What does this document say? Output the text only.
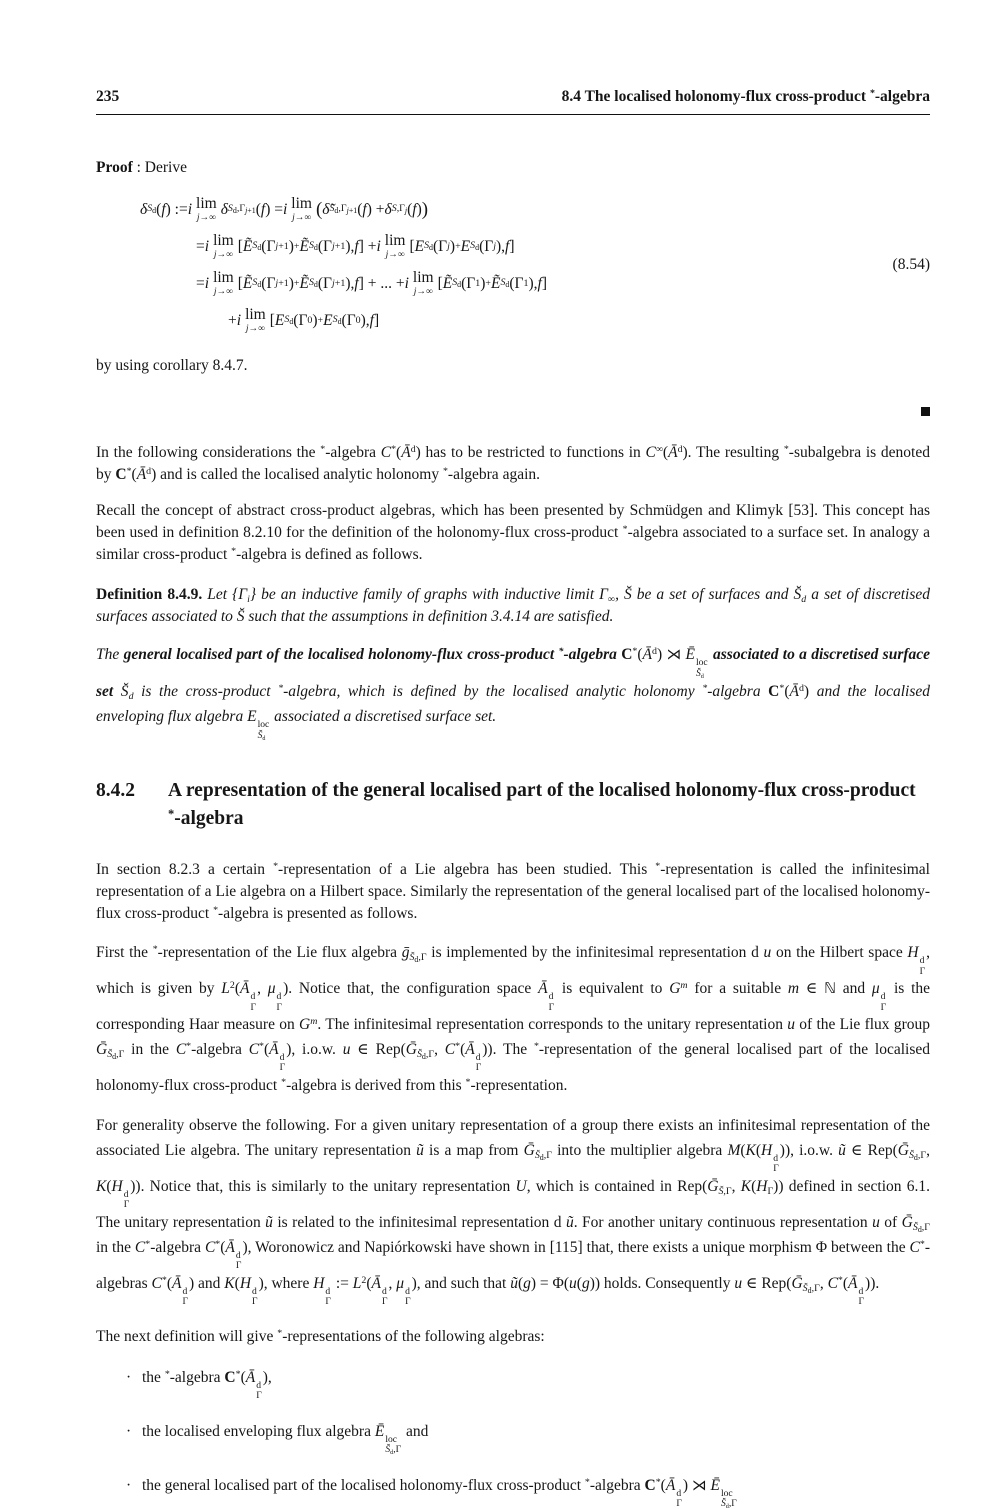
235	8.4 The localised holonomy-flux cross-product *-algebra
Proof : Derive
δ $S_d$ ( f ) := i lim
j→∞
δ $S_d,\Gamma_{j+1}$ ( f ) = i lim
j→∞ ( δ̃ $S_d,\Gamma_{j+1}$ ( f ) + δ $S,\Gamma_j$ ( f ) )
= i lim
j→∞
[ Ẽ $S_d$ (Γ j+1 ) + Ẽ $S_d$ (Γ j+1 ), f ] + i lim
j→∞
[ E $S_d$ (Γ j ) + E $S_d$ (Γ j ), f ]
= i lim
j→∞
[ Ẽ $S_d$ (Γ j+1 ) + Ẽ $S_d$ (Γ j+1 ), f ] + ... + i lim
j→∞
[ Ẽ $S_d$ (Γ 1 ) + Ẽ $S_d$ (Γ 1 ), f ]
+ i lim
j→∞
[ E $S_d$ (Γ 0 ) + E $S_d$ (Γ 0 ), f ]
(8.54)

by using corollary 8.4.7.

In the following considerations the *-algebra $C^*(Ā^d)$ has to be restricted to functions in $C^\infty(Ā^d)$. The resulting *-subalgebra is denoted by $C^*(Ā^d)$ and is called the localised analytic holonomy *-algebra again.

Recall the concept of abstract cross-product algebras, which has been presented by Schmüdgen and Klimyk [53]. This concept has been used in definition 8.2.10 for the definition of the holonomy-flux cross-product *-algebra associated to a surface set. In analogy a similar cross-product *-algebra is defined as follows.

Definition 8.4.9. Let $\{\Gamma_i\}$ be an inductive family of graphs with inductive limit $\Gamma_\infty$, S̆ be a set of surfaces and $S̆_d$ a set of discretised surfaces associated to S̆ such that the assumptions in definition 3.4.14 are satisfied.

The general localised part of the localised holonomy-flux cross-product *-algebra $C^*(Ā^d)$ ⋊ Ē loc
$S̆_d$
associated to a discretised surface set $S̆_d$ is the cross-product *-algebra, which is defined by the localised analytic holonomy *-algebra $C^*(Ā^d)$ and the localised enveloping flux algebra E loc
$S̆_d$
associated a discretised surface set.

8.4.2	A representation of the general localised part of the localised holonomy-flux cross-product *-algebra

In section 8.2.3 a certain *-representation of a Lie algebra has been studied. This *-representation is called the infinitesimal representation of a Lie algebra on a Hilbert space. Similarly the representation of the general localised part of the localised holonomy-flux cross-product *-algebra is presented as follows.

First the *-representation of the Lie flux algebra ḡ$_{S̆_d,\Gamma}$ is implemented by the infinitesimal representation d u on the Hilbert space H d
Γ
, which is given by $L^2(Ā$ d
Γ
, μ d
Γ
). Notice that, the configuration space Ā d
Γ
is equivalent to $G^m$ for a suitable m ∈ ℕ and μ d
Γ
is the corresponding Haar measure on $G^m$. The infinitesimal representation corresponds to the unitary representation u of the Lie flux group Ḡ$_{S̆_d,\Gamma}$ in the C*-algebra C*(Ā d
Γ
), i.o.w. u ∈ Rep(Ḡ$_{S̆_d,\Gamma}$, C*(Ā d
Γ
)). The *-representation of the general localised part of the localised holonomy-flux cross-product *-algebra is derived from this *-representation.

For generality observe the following. For a given unitary representation of a group there exists an infinitesimal representation of the associated Lie algebra. The unitary representation ũ is a map from Ḡ$_{S̆_d,\Gamma}$ into the multiplier algebra M(K(H d
Γ
)), i.o.w. ũ ∈ Rep(Ḡ$_{S̆_d,\Gamma}$, K(H d
Γ
)). Notice that, this is similarly to the unitary representation U, which is contained in Rep(Ḡ$_{S̆,\Gamma}$, $K(H_\Gamma)$) defined in section 6.1. The unitary representation ũ is related to the infinitesimal representation d ũ. For another unitary continuous representation u of Ḡ$_{S̆_d,\Gamma}$ in the C*-algebra C*(Ā d
Γ
), Woronowicz and Napiórkowski have shown in [115] that, there exists a unique morphism Φ between the C*-algebras C*(Ā d
Γ
) and K(H d
Γ
), where H d
Γ
:= $L^2(Ā$ d
Γ
, μ d
Γ
), and such that ũ(g) = Φ(u(g)) holds. Consequently u ∈ Rep(Ḡ$_{S̆_d,\Gamma}$, C*(Ā d
Γ
)).

The next definition will give *-representations of the following algebras:

· the *-algebra C*(Ā d
Γ
),
· the localised enveloping flux algebra Ē loc
$S̆_d,\Gamma$
and
· the general localised part of the localised holonomy-flux cross-product *-algebra C*(Ā d
Γ
) ⋊ Ē loc
$S̆_d,\Gamma$
